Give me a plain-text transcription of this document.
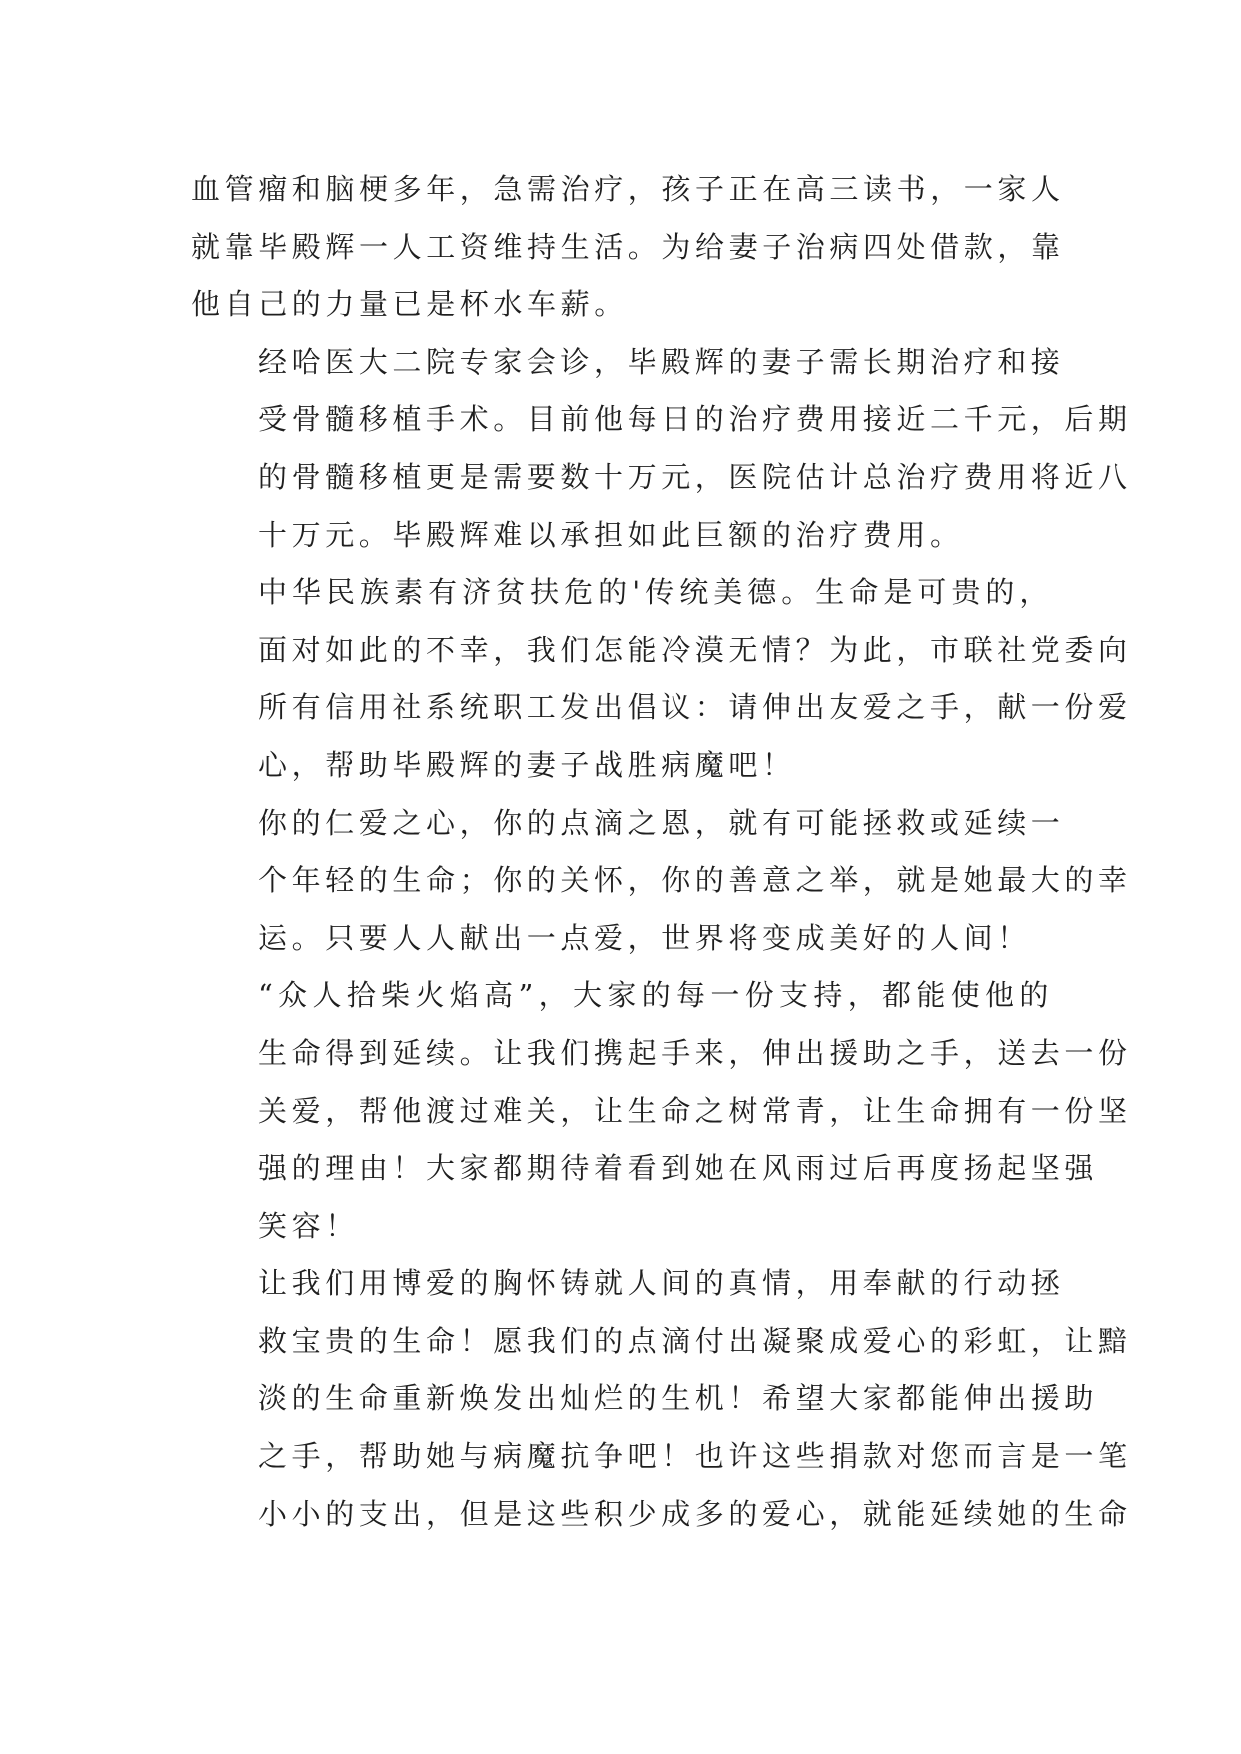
血管瘤和脑梗多年，急需治疗，孩子正在高三读书，一家人
就靠毕殿辉一人工资维持生活。为给妻子治病四处借款，靠
他自己的力量已是杯水车薪。
经哈医大二院专家会诊，毕殿辉的妻子需长期治疗和接
受骨髓移植手术。目前他每日的治疗费用接近二千元，后期
的骨髓移植更是需要数十万元，医院估计总治疗费用将近八
十万元。毕殿辉难以承担如此巨额的治疗费用。
中华民族素有济贫扶危的'传统美德。生命是可贵的，
面对如此的不幸，我们怎能冷漠无情？为此，市联社党委向
所有信用社系统职工发出倡议：请伸出友爱之手，献一份爱
心，帮助毕殿辉的妻子战胜病魔吧！
你的仁爱之心，你的点滴之恩，就有可能拯救或延续一
个年轻的生命；你的关怀，你的善意之举，就是她最大的幸
运。只要人人献出一点爱，世界将变成美好的人间！
“众人拾柴火焰高”，大家的每一份支持，都能使他的
生命得到延续。让我们携起手来，伸出援助之手，送去一份
关爱，帮他渡过难关，让生命之树常青，让生命拥有一份坚
强的理由！大家都期待着看到她在风雨过后再度扬起坚强
笑容！
让我们用博爱的胸怀铸就人间的真情，用奉献的行动拯
救宝贵的生命！愿我们的点滴付出凝聚成爱心的彩虹，让黯
淡的生命重新焕发出灿烂的生机！希望大家都能伸出援助
之手，帮助她与病魔抗争吧！也许这些捐款对您而言是一笔
小小的支出，但是这些积少成多的爱心，就能延续她的生命
